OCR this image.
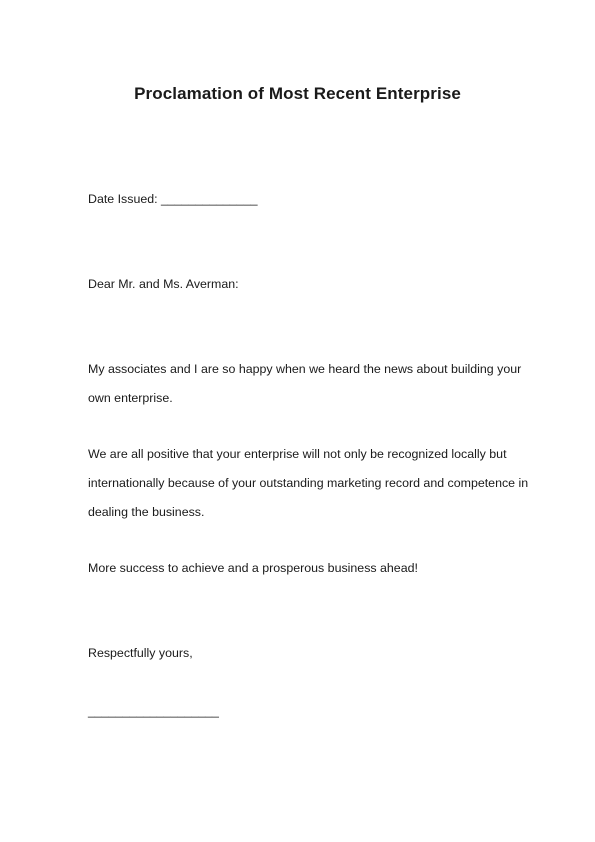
Proclamation of Most Recent Enterprise
Date Issued: ______________
Dear Mr. and Ms. Averman:
My associates and I are so happy when we heard the news about building your
own enterprise.
We are all positive that your enterprise will not only be recognized locally but
internationally because of your outstanding marketing record and competence in
dealing the business.
More success to achieve and a prosperous business ahead!
Respectfully yours,
___________________
